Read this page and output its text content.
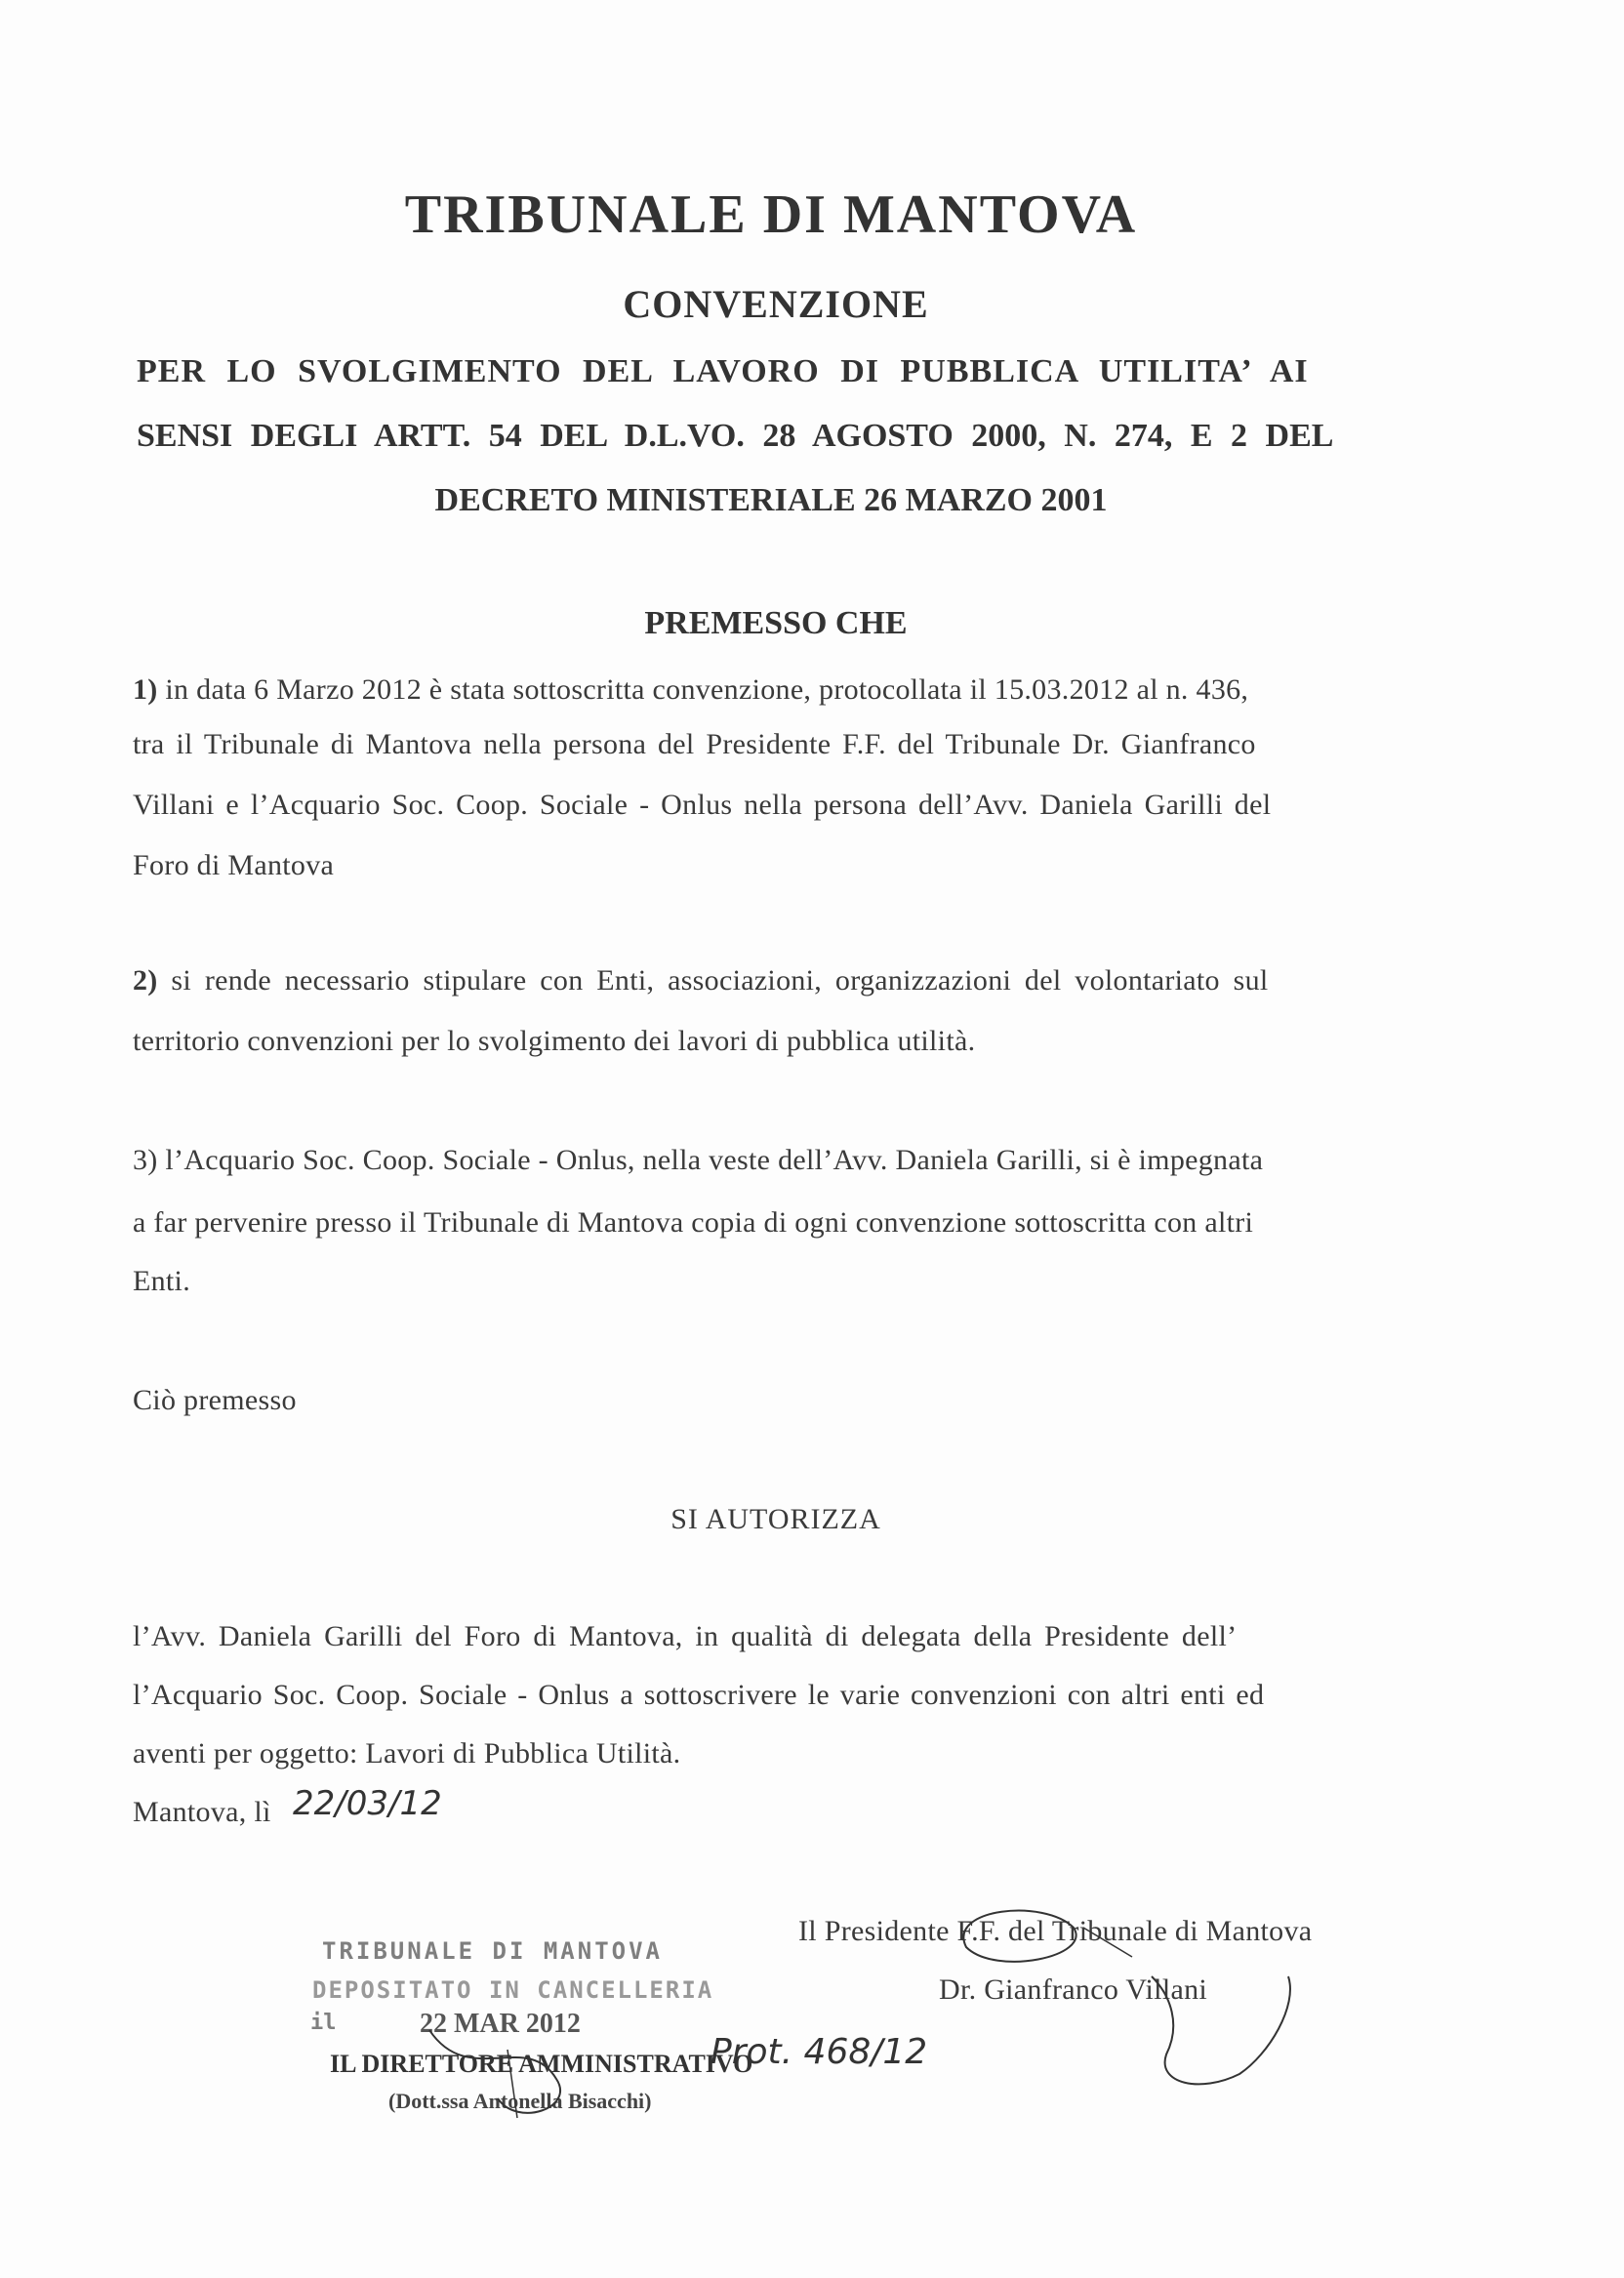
TRIBUNALE DI MANTOVA
CONVENZIONE
PER LO SVOLGIMENTO DEL LAVORO DI PUBBLICA UTILITA’ AI
SENSI DEGLI ARTT. 54 DEL D.L.VO. 28 AGOSTO 2000, N. 274, E 2 DEL
DECRETO MINISTERIALE 26 MARZO 2001
PREMESSO CHE
1) in data 6 Marzo 2012 è stata sottoscritta convenzione, protocollata il 15.03.2012 al n. 436,
tra il Tribunale di Mantova nella persona del Presidente F.F. del Tribunale Dr. Gianfranco
Villani e l’Acquario Soc. Coop. Sociale - Onlus nella persona dell’Avv. Daniela Garilli del
Foro di Mantova
2) si rende necessario stipulare con Enti, associazioni, organizzazioni del volontariato sul
territorio convenzioni per lo svolgimento dei lavori di pubblica utilità.
3) l’Acquario Soc. Coop. Sociale - Onlus, nella veste dell’Avv. Daniela Garilli, si è impegnata
a far pervenire presso il Tribunale di Mantova copia di ogni convenzione sottoscritta con altri
Enti.
Ciò premesso
SI AUTORIZZA
l’Avv. Daniela Garilli del Foro di Mantova, in qualità di delegata della Presidente dell’
l’Acquario Soc. Coop. Sociale - Onlus a sottoscrivere le varie convenzioni con altri enti ed
aventi per oggetto: Lavori di Pubblica Utilità.
Mantova, lì 22/03/12
Il Presidente F.F. del Tribunale di Mantova
Dr. Gianfranco Villani
TRIBUNALE DI MANTOVA
DEPOSITATO IN CANCELLERIA
il	22 MAR 2012
IL DIRETTORE AMMINISTRATIVO
(Dott.ssa Antonella Bisacchi)
Prot. 468/12
